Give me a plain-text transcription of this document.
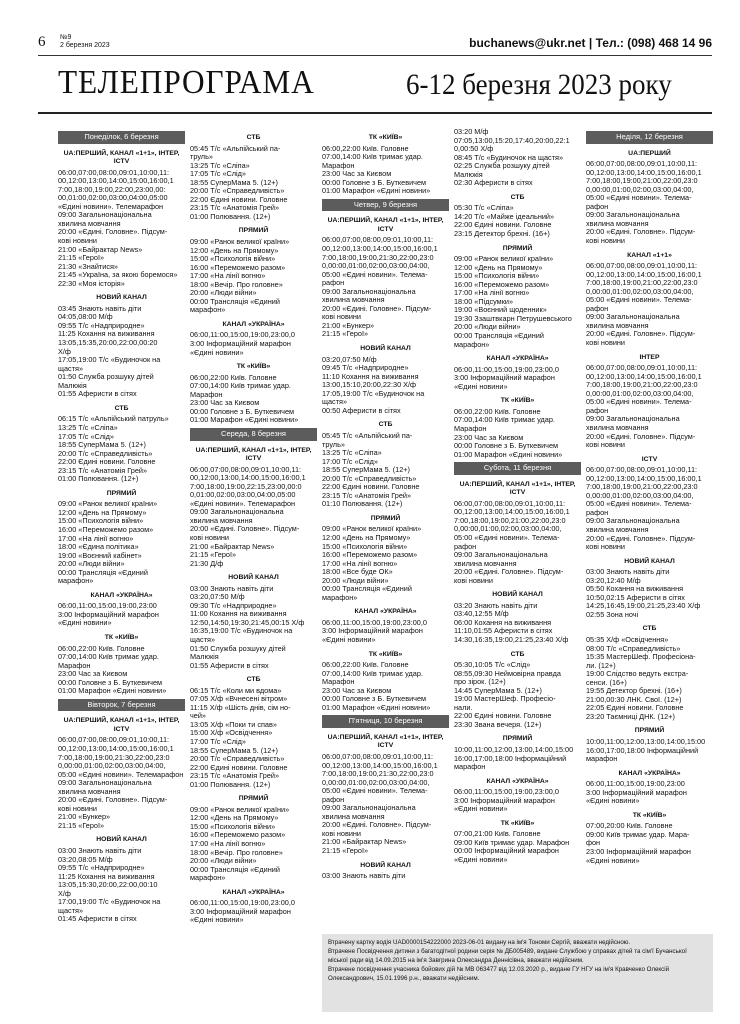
6 №9
2 березня 2023	buchanews@ukr.net | Тел.: (098) 468 14 96
ТЕЛЕПРОГРАМА	6-12 березня 2023 року
Понеділок, 6 березня
UA:ПЕРШИЙ, КАНАЛ «1+1», ІНТЕР, ICTV
06:00,07:00,08:00,09:01,10:00,11:
00,12:00,13:00,14:00,15:00,16:00,1
7:00,18:00,19:00,22:00,23:00,00:
00,01:00,02:00,03:00,04:00,05:00
«Єдині новини». Телемарафон
09:00 Загальнонаціональна
хвилина мовчання
20:00 «Єдині. Головне». Підсум-
кові новини
21:00 «Байрактар News»
21:15 «Герої»
21:30 «Знайтися»
21:45 «Україна, за якою боремося»
22:30 «Моя історія»
НОВИЙ КАНАЛ
03:45 Знають навіть діти
04:05,08:00 М/ф
09:55 Т/с «Надприродне»
11:25 Кохання на виживання
13:05,15:35,20:00,22:00,00:20
Х/ф
17:05,19:00 Т/с «Будиночок на
щастя»
01:50 Служба розшуку дітей
Малюкія
01:55 Аферисти в сітях
СТБ
06:15 Т/с «Альпійський патруль»
13:25 Т/с «Сліпа»
17:05 Т/с «Слід»
18:55 СуперМама 5. (12+)
20:00 Т/с «Справедливість»
22:00 Єдині новини. Головне
23:15 Т/с «Анатомія Грей»
01:00 Полювання. (12+)
ПРЯМИЙ
09:00 «Ранок великої країни»
12:00 «День на Прямому»
15:00 «Психологія війни»
16:00 «Переможемо разом»
17:00 «На лінії вогню»
18:00 «Єдина політика»
19:00 «Воєнний кабінет»
20:00 «Люди війни»
00:00 Трансляція «Єдиний
марафон»
КАНАЛ «УКРАЇНА»
06:00,11:00,15:00,19:00,23:00
3:00 Інформаційний марафон
«Єдині новини»
ТК «КИЇВ»
06:00,22:00 Київ. Головне
07:00,14:00 Київ тримає удар.
Марафон
23:00 Час за Києвом
00:00 Головне з Б. Буткевичем
01:00 Марафон «Єдині новини»
Вівторок, 7 березня
UA:ПЕРШИЙ, КАНАЛ «1+1», ІНТЕР, ICTV
06:00,07:00,08:00,09:01,10:00,11:
00,12:00,13:00,14:00,15:00,16:00,1
7:00,18:00,19:00,21:30,22:00,23:0
0,00:00,01:00,02:00,03:00,04:00,
05:00 «Єдині новини». Телемарафон
09:00 Загальнонаціональна
хвилина мовчання
20:00 «Єдині. Головне». Підсум-
кові новини
21:00 «Бункер»
21:15 «Герої»
НОВИЙ КАНАЛ
03:00 Знають навіть діти
03:20,08:05 М/ф
09:55 Т/с «Надприродне»
11:25 Кохання на виживання
13:05,15:30,20:00,22:00,00:10
Х/ф
17:00,19:00 Т/с «Будиночок на
щастя»
01:45 Аферисти в сітях
СТБ
05:45 Т/с «Альпійський па-
труль»
13:25 Т/с «Сліпа»
17:05 Т/с «Слід»
18:55 СуперМама 5. (12+)
20:00 Т/с «Справедливість»
22:00 Єдині новини. Головне
23:15 Т/с «Анатомія Грей»
01:00 Полювання. (12+)
ПРЯМИЙ
09:00 «Ранок великої країни»
12:00 «День на Прямому»
15:00 «Психологія війни»
16:00 «Переможемо разом»
17:00 «На лінії вогню»
18:00 «Вечір. Про головне»
20:00 «Люди війни»
00:00 Трансляція «Єдиний
марафон»
КАНАЛ «УКРАЇНА»
06:00,11:00,15:00,19:00,23:00,0
3:00 Інформаційний марафон
«Єдині новини»
ТК «КИЇВ»
06:00,22:00 Київ. Головне
07:00,14:00 Київ тримає удар.
Марафон
23:00 Час за Києвом
00:00 Головне з Б. Буткевичем
01:00 Марафон «Єдині новини»
Середа, 8 березня
UA:ПЕРШИЙ, КАНАЛ «1+1», ІНТЕР, ICTV
06:00,07:00,08:00,09:01,10:00,11:
00,12:00,13:00,14:00,15:00,16:00,1
7:00,18:00,19:00,22:15,23:00,00:0
0,01:00,02:00,03:00,04:00,05:00
«Єдині новини». Телемарафон
09:00 Загальнонаціональна
хвилина мовчання
20:00 «Єдині. Головне». Підсум-
кові новини
21:00 «Байрактар News»
21:15 «Герої»
21:30 Д/ф
НОВИЙ КАНАЛ
03:00 Знають навіть діти
03:20,07:50 М/ф
09:30 Т/с «Надприродне»
11:00 Кохання на виживання
12:50,14:50,19:30,21:45,00:15 Х/ф
16:35,19:00 Т/с «Будиночок на
щастя»
01:50 Служба розшуку дітей
Малюкія
01:55 Аферисти в сітях
СТБ
06:15 Т/с «Коли ми вдома»
07:05 Х/ф «Вчнесені вітром»
11:15 Х/ф «Шість днів, сім но-
чей»
13:05 Х/ф «Поки ти спав»
15:00 Х/ф «Освідчення»
17:00 Т/с «Слід»
18:55 СуперМама 5. (12+)
20:00 Т/с «Справедливість»
22:00 Єдині новини. Головне
23:15 Т/с «Анатомія Грей»
01:00 Полювання. (12+)
ПРЯМИЙ
09:00 «Ранок великої країни»
12:00 «День на Прямому»
15:00 «Психологія війни»
16:00 «Переможемо разом»
17:00 «На лінії вогню»
18:00 «Вечір. Про головне»
20:00 «Люди війни»
00:00 Трансляція «Єдиний
марафон»
КАНАЛ «УКРАЇНА»
06:00,11:00,15:00,19:00,23:00,0
3:00 Інформаційний марафон
«Єдині новини»
ТК «КИЇВ»
06:00,22:00 Київ. Головне
07:00,14:00 Київ тримає удар.
Марафон
23:00 Час за Києвом
00:00 Головне з Б. Буткевичем
01:00 Марафон «Єдині новини»
Четвер, 9 березня
UA:ПЕРШИЙ, КАНАЛ «1+1», ІНТЕР, ICTV
06:00,07:00,08:00,09:01,10:00,11:
00,12:00,13:00,14:00,15:00,16:00,1
7:00,18:00,19:00,21:30,22:00,23:0
0,00:00,01:00,02:00,03:00,04:00,
05:00 «Єдині новини». Телема-
рафон
09:00 Загальнонаціональна
хвилина мовчання
20:00 «Єдині. Головне». Підсум-
кові новини
21:00 «Бункер»
21:15 «Герої»
НОВИЙ КАНАЛ
03:20,07:50 М/ф
09:45 Т/с «Надприродне»
11:10 Кохання на виживання
13:00,15:10,20:00,22:30 Х/ф
17:05,19:00 Т/с «Будиночок на
щастя»
00:50 Аферисти в сітях
СТБ
05:45 Т/с «Альпійський па-
труль»
13:25 Т/с «Сліпа»
17:00 Т/с «Слід»
18:55 СуперМама 5. (12+)
20:00 Т/с «Справедливість»
22:00 Єдині новини. Головне
23:15 Т/с «Анатомія Грей»
01:10 Полювання. (12+)
ПРЯМИЙ
09:00 «Ранок великої країни»
12:00 «День на Прямому»
15:00 «Психологія війни»
16:00 «Переможемо разом»
17:00 «На лінії вогню»
18:00 «Все буде ОК»
20:00 «Люди війни»
00:00 Трансляція «Єдиний
марафон»
КАНАЛ «УКРАЇНА»
06:00,11:00,15:00,19:00,23:00,0
3:00 Інформаційний марафон
«Єдині новини»
ТК «КИЇВ»
06:00,22:00 Київ. Головне
07:00,14:00 Київ тримає удар.
Марафон
23:00 Час за Києвом
00:00 Головне з Б. Буткевичем
01:00 Марафон «Єдині новини»
П'ятниця, 10 березня
UA:ПЕРШИЙ, КАНАЛ «1+1», ІНТЕР, ICTV
06:00,07:00,08:00,09:01,10:00,11:
00,12:00,13:00,14:00,15:00,16:00,1
7:00,18:00,19:00,21:30,22:00,23:0
0,00:00,01:00,02:00,03:00,04:00,
05:00 «Єдині новини». Телема-
рафон
09:00 Загальнонаціональна
хвилина мовчання
20:00 «Єдині. Головне». Підсум-
кові новини
21:00 «Байрактар News»
21:15 «Герої»
НОВИЙ КАНАЛ
03:00 Знають навіть діти
03:20 М/ф
07:05,13:00,15:20,17:40,20:00,22:1
0,00:50 Х/ф
08:45 Т/с «Будиночок на щастя»
02:25 Служба розшуку дітей
Малюкія
02:30 Аферисти в сітях
СТБ
05:30 Т/с «Сліпа»
14:20 Т/с «Майже ідеальний»
22:00 Єдині новини. Головне
23:15 Детектор брехні. (16+)
ПРЯМИЙ
09:00 «Ранок великої країни»
12:00 «День на Прямому»
15:00 «Психологія війни»
16:00 «Переможемо разом»
17:00 «На лінії вогню»
18:00 «Підсумки»
19:00 «Воєнний щоденник»
19:30 Ззаштвкарн Петрушевського
20:00 «Люди війни»
00:00 Трансляція «Єдиний
марафон»
КАНАЛ «УКРАЇНА»
06:00,11:00,15:00,19:00,23:00,0
3:00 Інформаційний марафон
«Єдині новини»
ТК «КИЇВ»
06:00,22:00 Київ. Головне
07:00,14:00 Київ тримає удар.
Марафон
23:00 Час за Києвом
00:00 Головне з Б. Буткевичем
01:00 Марафон «Єдині новини»
Субота, 11 березня
UA:ПЕРШИЙ, КАНАЛ «1+1», ІНТЕР, ICTV
06:00,07:00,08:00,09:01,10:00,11:
00,12:00,13:00,14:00,15:00,16:00,1
7:00,18:00,19:00,21:00,22:00,23:0
0,00:00,01:00,02:00,03:00,04:00,
05:00 «Єдині новини». Телема-
рафон
09:00 Загальнонаціональна
хвилина мовчання
20:00 «Єдині. Головне». Підсум-
кові новини
НОВИЙ КАНАЛ
03:20 Знають навіть діти
03:40,12:55 М/ф
06:00 Кохання на виживання
11:10,01:55 Аферисти в сітях
14:30,16:35,19:00,21:25,23:40 Х/ф
СТБ
05:30,10:05 Т/с «Слід»
08:55,09:30 Неймовірна правда
про зірок. (12+)
14:45 СуперМама 5. (12+)
19:00 МастерШеф. Професіо-
нали.
22:00 Єдині новини. Головне
23:30 Звана вечеря. (12+)
ПРЯМИЙ
10:00,11:00,12:00,13:00,14:00,15:00
16:00,17:00,18:00 Інформаційний
марафон
КАНАЛ «УКРАЇНА»
06:00,11:00,15:00,19:00,23:00,0
3:00 Інформаційний марафон
«Єдині новини»
ТК «КИЇВ»
07:00,21:00 Київ. Головне
09:00 Київ тримає удар. Марафон
00:00 Інформаційний марафон
«Єдині новини»
Неділя, 12 березня
UA:ПЕРШИЙ
06:00,07:00,08:00,09:01,10:00,11:
00,12:00,13:00,14:00,15:00,16:00,1
7:00,18:00,19:00,21:00,22:00,23:0
0,00:00,01:00,02:00,03:00,04:00,
05:00 «Єдині новини». Телема-
рафон
09:00 Загальнонаціональна
хвилина мовчання
20:00 «Єдині. Головне». Підсум-
кові новини
КАНАЛ «1+1»
06:00,07:00,08:00,09:01,10:00,11:
00,12:00,13:00,14:00,15:00,16:00,1
7:00,18:00,19:00,21:00,22:00,23:0
0,00:00,01:00,02:00,03:00,04:00,
05:00 «Єдині новини». Телема-
рафон
09:00 Загальнонаціональна
хвилина мовчання
20:00 «Єдині. Головне». Підсум-
кові новини
ІНТЕР
06:00,07:00,08:00,09:01,10:00,11:
00,12:00,13:00,14:00,15:00,16:00,1
7:00,18:00,19:00,21:00,22:00,23:0
0,00:00,01:00,02:00,03:00,04:00,
05:00 «Єдині новини». Телема-
рафон
09:00 Загальнонаціональна
хвилина мовчання
20:00 «Єдині. Головне». Підсум-
кові новини
ICTV
06:00,07:00,08:00,09:01,10:00,11:
00,12:00,13:00,14:00,15:00,16:00,1
7:00,18:00,19:00,21:00,22:00,23:0
0,00:00,01:00,02:00,03:00,04:00,
05:00 «Єдині новини». Телема-
рафон
09:00 Загальнонаціональна
хвилина мовчання
20:00 «Єдині. Головне». Підсум-
кові новини
НОВИЙ КАНАЛ
03:00 Знають навіть діти
03:20,12:40 М/ф
05:50 Кохання на виживання
10:50,02:15 Аферисти в сітях
14:25,16:45,19:00,21:25,23:40 Х/ф
02:55 Зона ночі
СТБ
05:35 Х/ф «Освідчення»
08:00 Т/с «Справедливість»
15:35 МастерШеф. Професіона-
ли. (12+)
19:00 Слідство ведуть екстра-
сенси. (16+)
19:55 Детектор брехні. (16+)
21:00,00:30 ЛНК. Свої. (12+)
22:05 Єдині новини. Головне
23:20 Таємниці ДНК. (12+)
ПРЯМИЙ
10:00,11:00,12:00,13:00,14:00,15:00
16:00,17:00,18:00 Інформаційний
марафон
КАНАЛ «УКРАЇНА»
06:00,11:00,15:00,19:00,23:00
3:00 Інформаційний марафон
«Єдині новини»
ТК «КИЇВ»
07:00,20:00 Київ. Головне
09:00 Київ тримає удар. Мара-
фон
23:00 Інформаційний марафон
«Єдині новини»
Втрачену картку водія UAD0000154222000 2023-06-01 видану на ім'я Тономи Сергій, вважати недійсною.
Втрачене Посвідчення дитини з багатодітної родини серія № ДБ005489, видане Службою у справах дітей та сім'ї Бучанської
міської ради від 14.09.2015 на ім'я Завгрина Олександра Деннісівна, вважати недійсним.
Втрачене посвідчення учасника бойових дій № МВ 063477 від 12.03.2020 р., видане ГУ НГУ на ім'я Кравченко Олексій
Олександрович, 15.01.1996 р.н., вважати недійсним.
